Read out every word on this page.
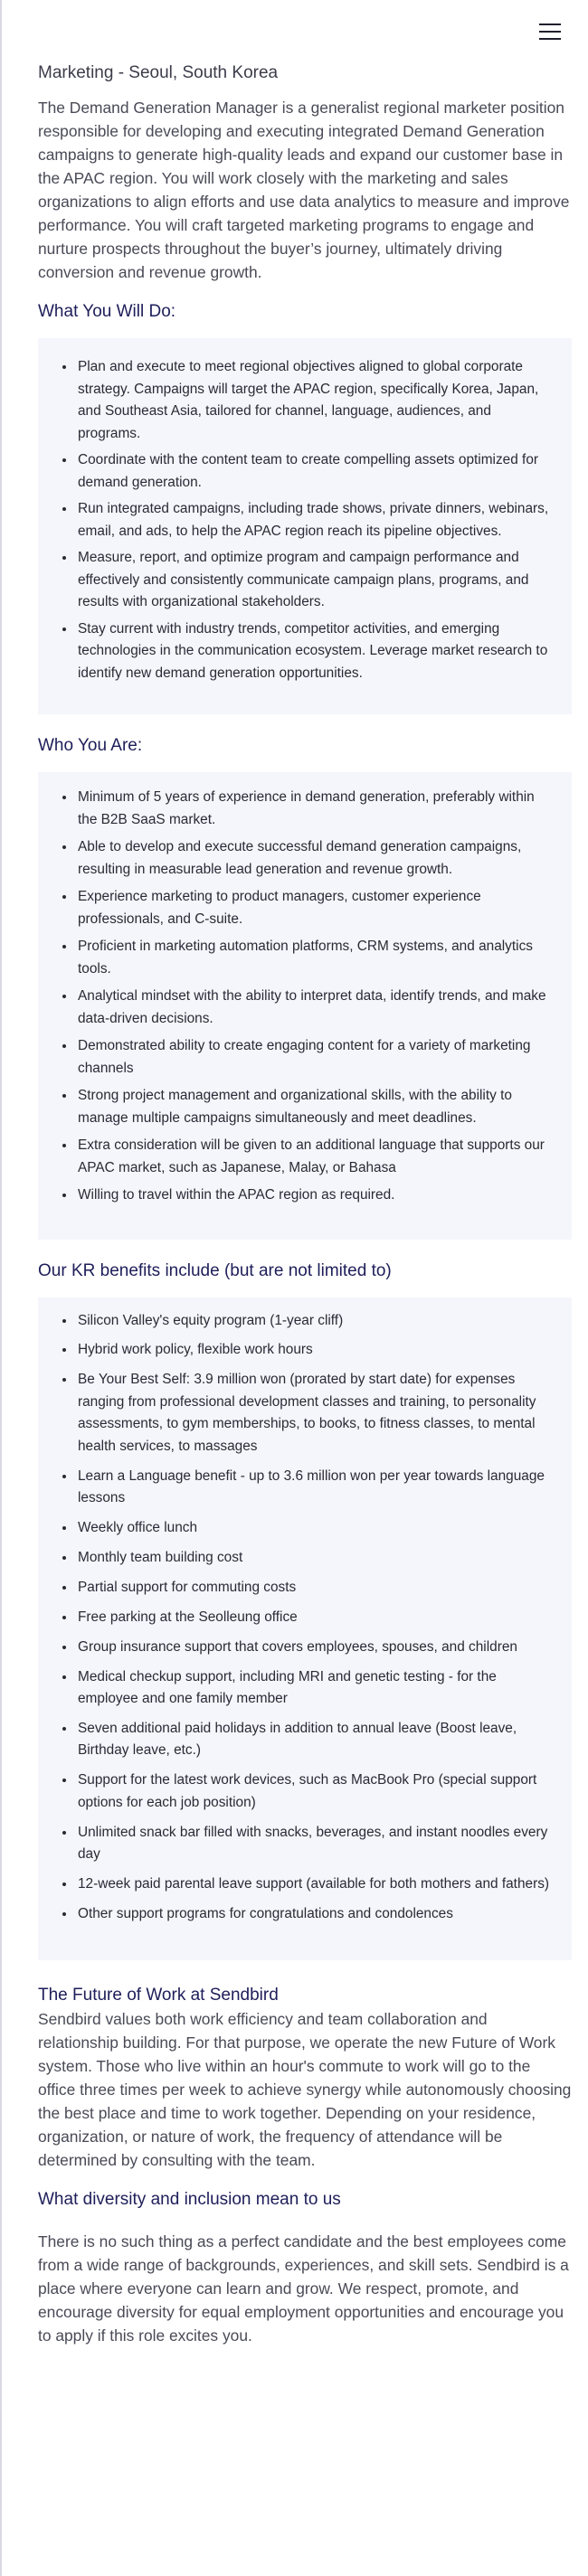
Marketing - Seoul, South Korea

The Demand Generation Manager is a generalist regional marketer position responsible for developing and executing integrated Demand Generation campaigns to generate high-quality leads and expand our customer base in the APAC region. You will work closely with the marketing and sales organizations to align efforts and use data analytics to measure and improve performance. You will craft targeted marketing programs to engage and nurture prospects throughout the buyer’s journey, ultimately driving conversion and revenue growth.

What You Will Do:
• Plan and execute to meet regional objectives aligned to global corporate strategy. Campaigns will target the APAC region, specifically Korea, Japan, and Southeast Asia, tailored for channel, language, audiences, and programs.
• Coordinate with the content team to create compelling assets optimized for demand generation.
• Run integrated campaigns, including trade shows, private dinners, webinars, email, and ads, to help the APAC region reach its pipeline objectives.
• Measure, report, and optimize program and campaign performance and effectively and consistently communicate campaign plans, programs, and results with organizational stakeholders.
• Stay current with industry trends, competitor activities, and emerging technologies in the communication ecosystem. Leverage market research to identify new demand generation opportunities.
Who You Are:
• Minimum of 5 years of experience in demand generation, preferably within the B2B SaaS market.
• Able to develop and execute successful demand generation campaigns, resulting in measurable lead generation and revenue growth.
• Experience marketing to product managers, customer experience professionals, and C-suite.
• Proficient in marketing automation platforms, CRM systems, and analytics tools.
• Analytical mindset with the ability to interpret data, identify trends, and make data-driven decisions.
• Demonstrated ability to create engaging content for a variety of marketing channels
• Strong project management and organizational skills, with the ability to manage multiple campaigns simultaneously and meet deadlines.
• Extra consideration will be given to an additional language that supports our APAC market, such as Japanese, Malay, or Bahasa
• Willing to travel within the APAC region as required.
Our KR benefits include (but are not limited to)
• Silicon Valley's equity program (1-year cliff)
• Hybrid work policy, flexible work hours
• Be Your Best Self: 3.9 million won (prorated by start date) for expenses ranging from professional development classes and training, to personality assessments, to gym memberships, to books, to fitness classes, to mental health services, to massages
• Learn a Language benefit - up to 3.6 million won per year towards language lessons
• Weekly office lunch
• Monthly team building cost
• Partial support for commuting costs
• Free parking at the Seolleung office
• Group insurance support that covers employees, spouses, and children
• Medical checkup support, including MRI and genetic testing - for the employee and one family member
• Seven additional paid holidays in addition to annual leave (Boost leave, Birthday leave, etc.)
• Support for the latest work devices, such as MacBook Pro (special support options for each job position)
• Unlimited snack bar filled with snacks, beverages, and instant noodles every day
• 12-week paid parental leave support (available for both mothers and fathers)
• Other support programs for congratulations and condolences
The Future of Work at Sendbird

Sendbird values both work efficiency and team collaboration and relationship building. For that purpose, we operate the new Future of Work system. Those who live within an hour's commute to work will go to the office three times per week to achieve synergy while autonomously choosing the best place and time to work together. Depending on your residence, organization, or nature of work, the frequency of attendance will be determined by consulting with the team.

What diversity and inclusion mean to us

There is no such thing as a perfect candidate and the best employees come from a wide range of backgrounds, experiences, and skill sets. Sendbird is a place where everyone can learn and grow. We respect, promote, and encourage diversity for equal employment opportunities and encourage you to apply if this role excites you.
